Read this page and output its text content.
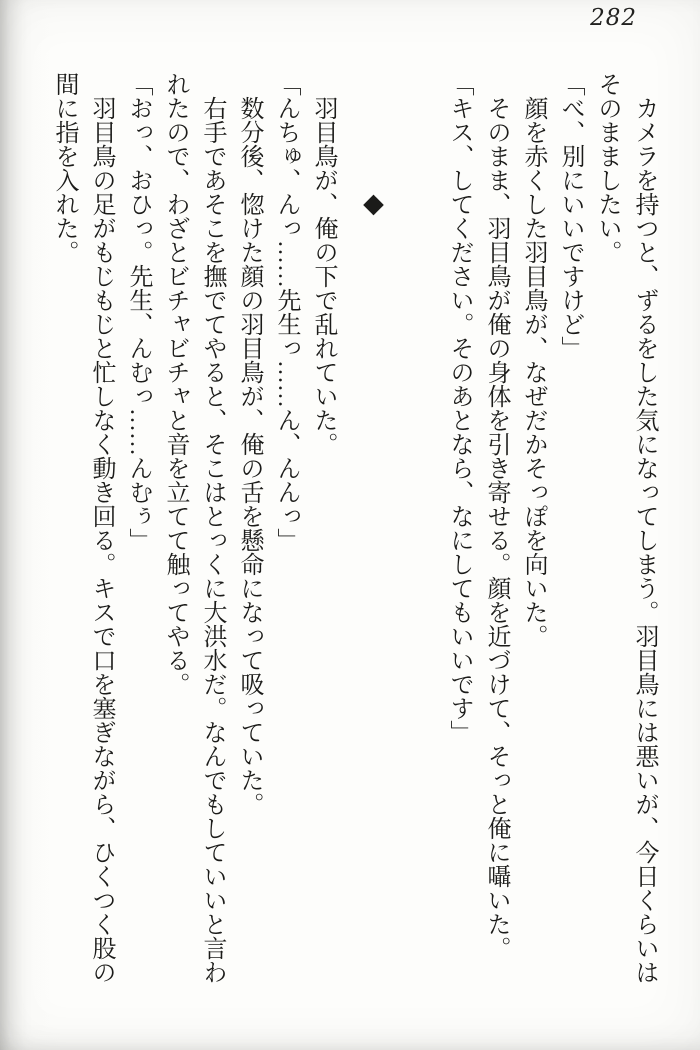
282

カメラを持つと、ずるをした気になってしまう。羽目鳥には悪いが、今日くらいはそのまましたい。

「べ、別にいいですけど」

顔を赤くした羽目鳥が、なぜだかそっぽを向いた。

そのまま、羽目鳥が俺の身体を引き寄せる。顔を近づけて、そっと俺に囁いた。

「キス、してください。そのあとなら、なにしてもいいです」

◆

羽目鳥が、俺の下で乱れていた。

「んちゅ、んっ……先生っ……ん、んんっ」

数分後、惚けた顔の羽目鳥が、俺の舌を懸命になって吸っていた。

右手であそこを撫でてやると、そこはとっくに大洪水だ。なんでもしていいと言われたので、わざとビチャビチャと音を立てて触ってやる。

「おっ、おひっ。先生、んむっ……んむぅ」

羽目鳥の足がもじもじと忙しなく動き回る。キスで口を塞ぎながら、ひくつく股の間に指を入れた。
